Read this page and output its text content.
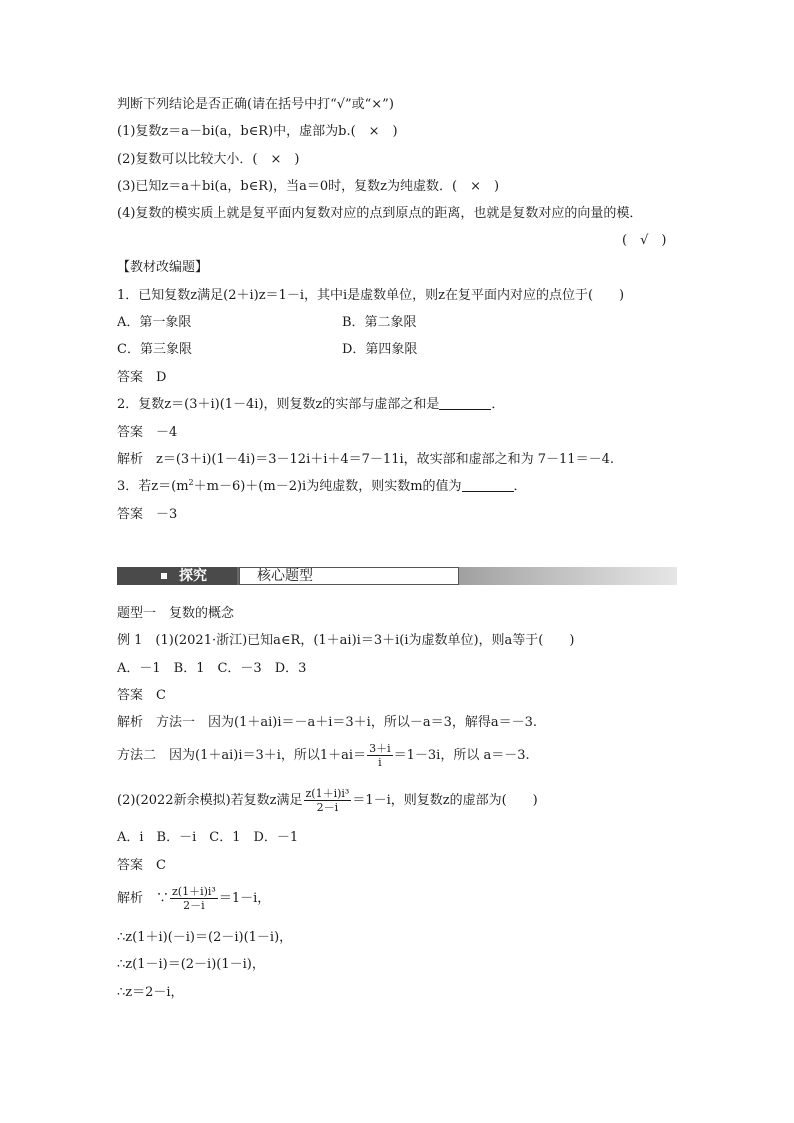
判断下列结论是否正确(请在括号中打“√”或“×”)
(1)复数z＝a－bi(a，b∈R)中，虚部为b.(　×　)
(2)复数可以比较大小．(　×　)
(3)已知z＝a＋bi(a，b∈R)，当a＝0时，复数z为纯虚数．(　×　)
(4)复数的模实质上就是复平面内复数对应的点到原点的距离，也就是复数对应的向量的模．
(　√　)
【教材改编题】
1．已知复数z满足(2＋i)z＝1－i，其中i是虚数单位，则z在复平面内对应的点位于(　　)
A．第一象限	B．第二象限
C．第三象限	D．第四象限
答案　D
2．复数z＝(3＋i)(1－4i)，则复数z的实部与虚部之和是	．
答案　－4
解析　z＝(3＋i)(1－4i)＝3－12i＋i＋4＝7－11i，故实部和虚部之和为 7－11＝－4.
3．若$z=(m^2+m-6)+(m-2)i$为纯虚数，则实数m的值为	．
答案　－3
探究	核心题型
题型一　复数的概念
例 1　(1)(2021·浙江)已知a∈R，(1＋ai)i＝3＋i(i为虚数单位)，则a等于(　　)
A．－1　B．1　C．－3　D．3
答案　C
解析　方法一　因为(1＋ai)i＝－a＋i＝3＋i，所以－a＝3，解得a＝－3.
方法二　因为(1＋ai)i＝3＋i，所以$1+ai= \frac{3+i}{i} =1-3i$，所以 a＝－3.
(2)(2022新余模拟)若复数z满足 $\frac{\text{z(1＋i)i³}}{2-i} =1-i$，则复数z的虚部为(　　)
A．i　B．－i　C．1　D．－1
答案　C
解析　∵ $\frac{\text{z(1＋i)i³}}{2-i} =1-i$，
∴z(1＋i)(－i)＝(2－i)(1－i)，
∴z(1－i)＝(2－i)(1－i)，
∴z＝2－i，
